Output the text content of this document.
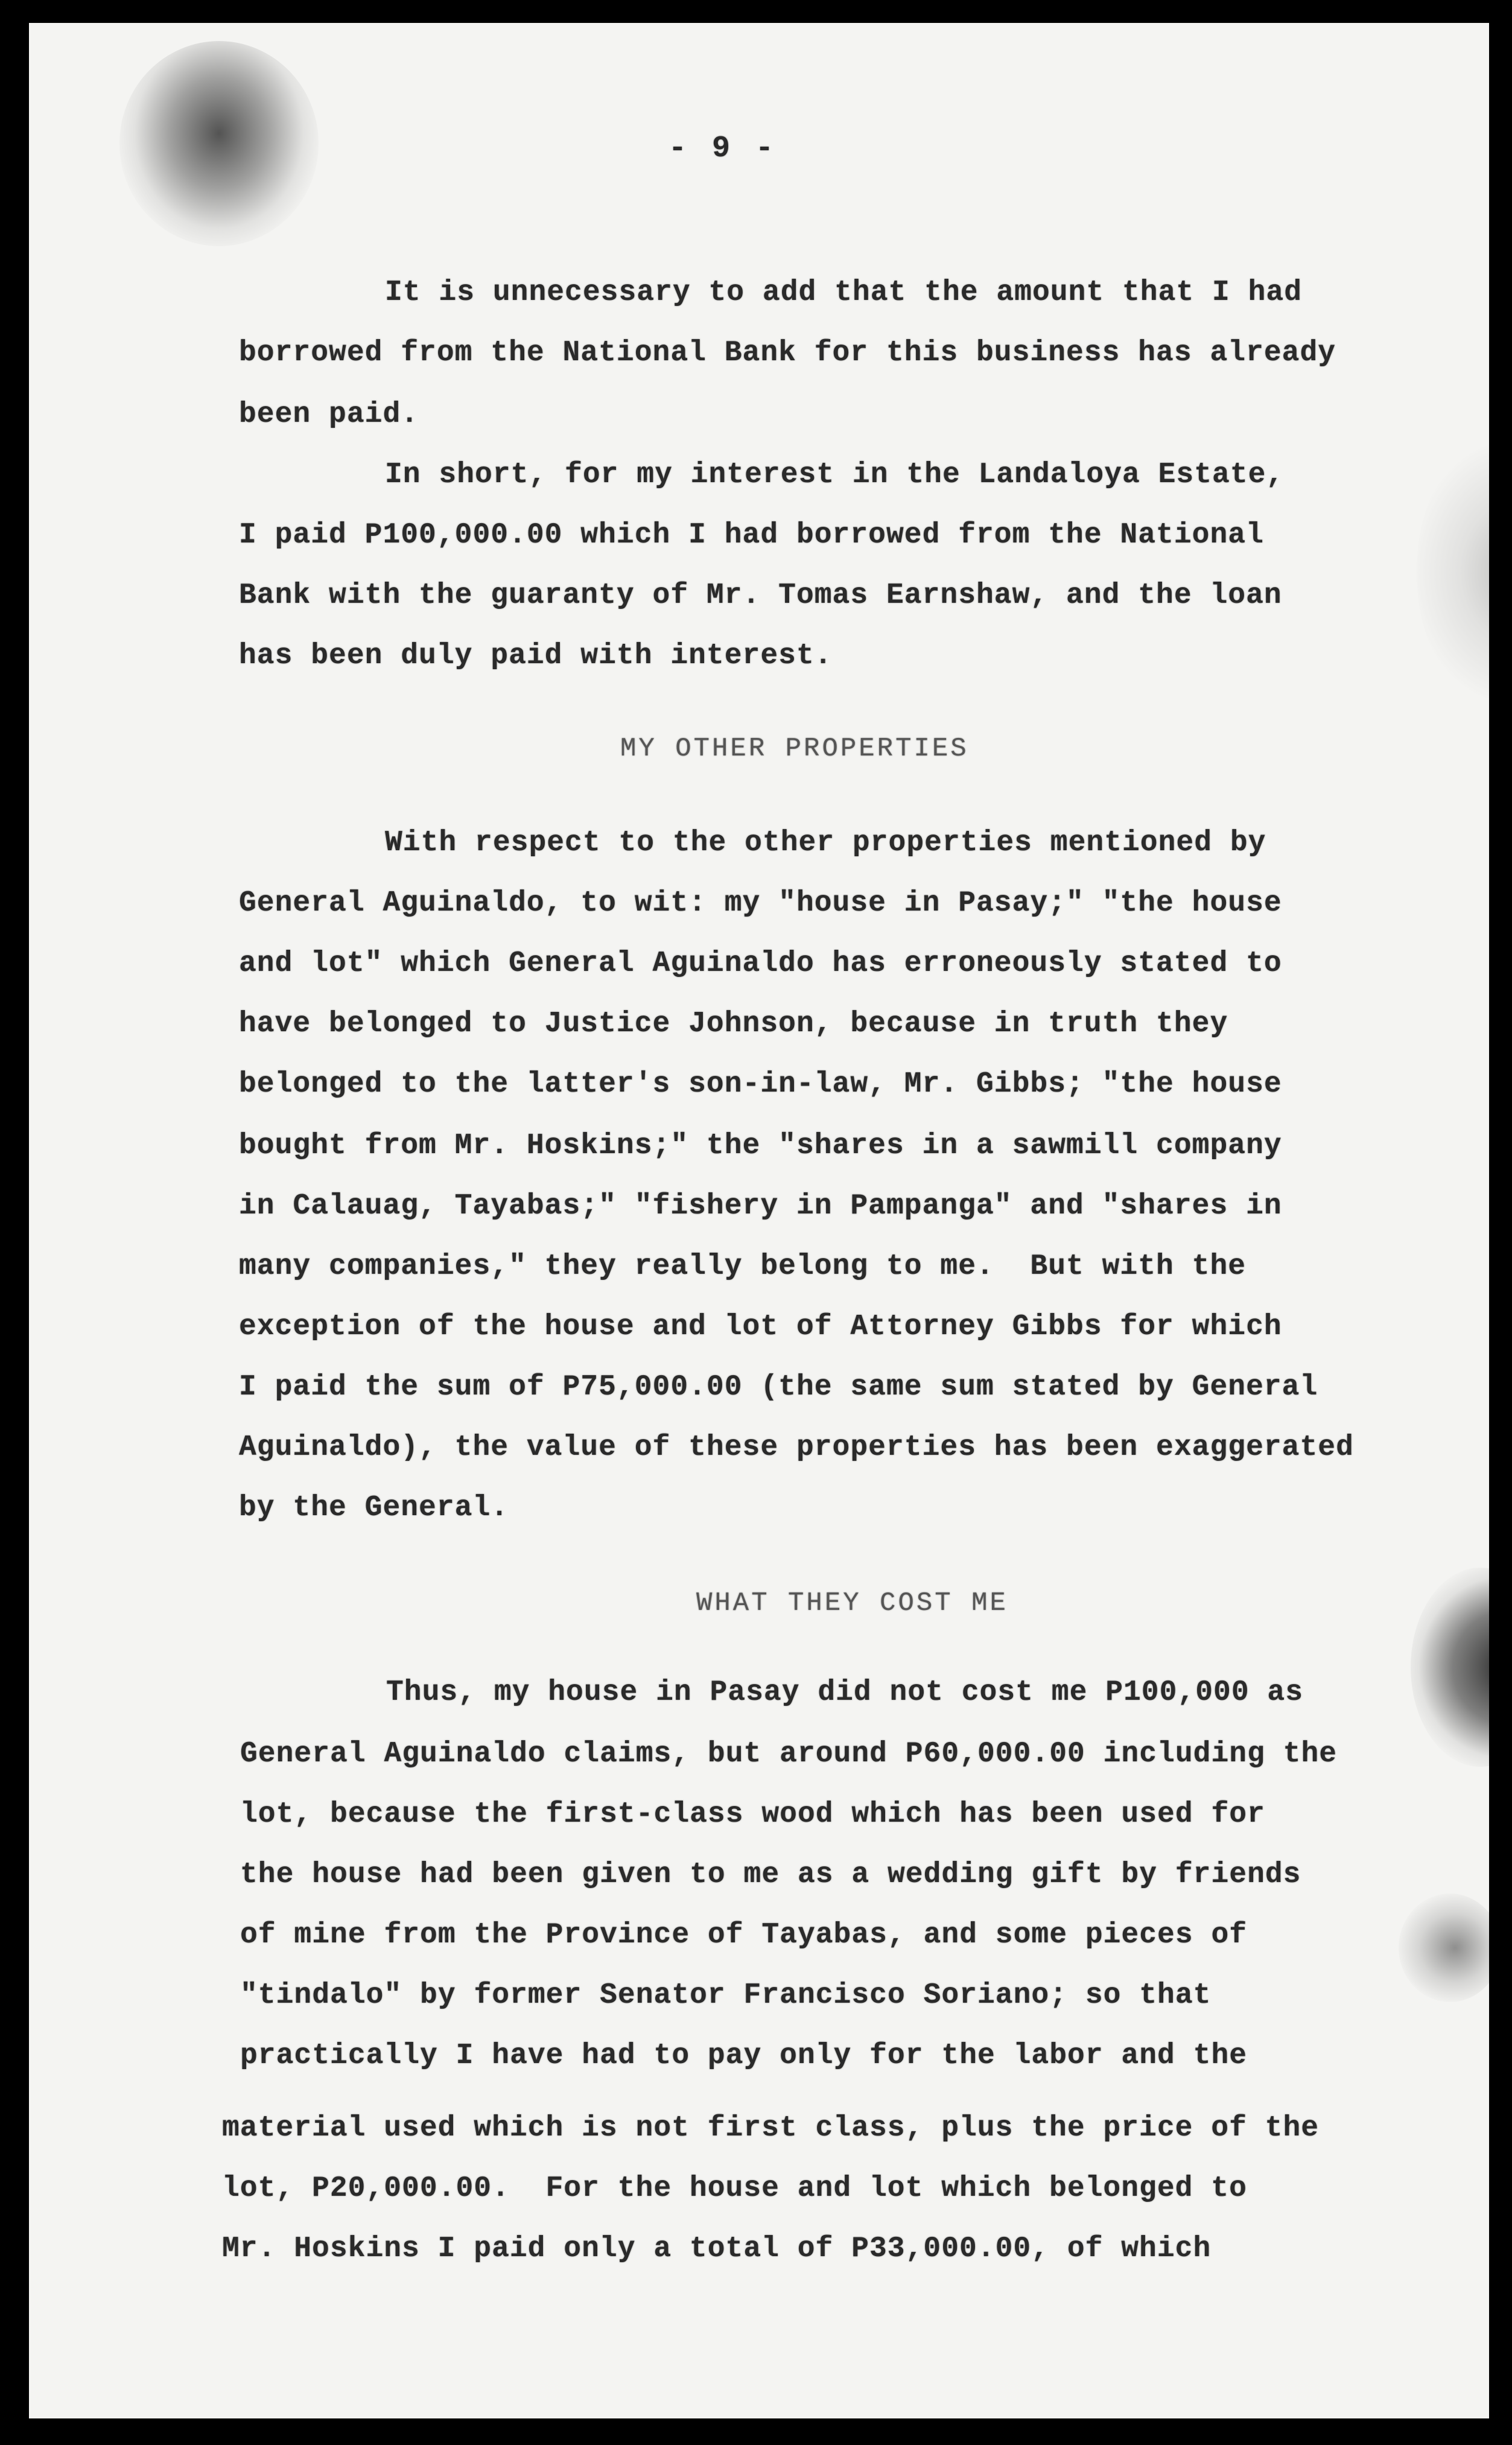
- 9 -
It is unnecessary to add that the amount that I had
borrowed from the National Bank for this business has already
been paid.
In short, for my interest in the Landaloya Estate,
I paid P100,000.00 which I had borrowed from the National
Bank with the guaranty of Mr. Tomas Earnshaw, and the loan
has been duly paid with interest.
MY OTHER PROPERTIES
With respect to the other properties mentioned by
General Aguinaldo, to wit: my "house in Pasay;" "the house
and lot" which General Aguinaldo has erroneously stated to
have belonged to Justice Johnson, because in truth they
belonged to the latter's son-in-law, Mr. Gibbs; "the house
bought from Mr. Hoskins;" the "shares in a sawmill company
in Calauag, Tayabas;" "fishery in Pampanga" and "shares in
many companies," they really belong to me.  But with the
exception of the house and lot of Attorney Gibbs for which
I paid the sum of P75,000.00 (the same sum stated by General
Aguinaldo), the value of these properties has been exaggerated
by the General.
WHAT THEY COST ME
Thus, my house in Pasay did not cost me P100,000 as
General Aguinaldo claims, but around P60,000.00 including the
lot, because the first-class wood which has been used for
the house had been given to me as a wedding gift by friends
of mine from the Province of Tayabas, and some pieces of
"tindalo" by former Senator Francisco Soriano; so that
practically I have had to pay only for the labor and the
material used which is not first class, plus the price of the
lot, P20,000.00.  For the house and lot which belonged to
Mr. Hoskins I paid only a total of P33,000.00, of which
